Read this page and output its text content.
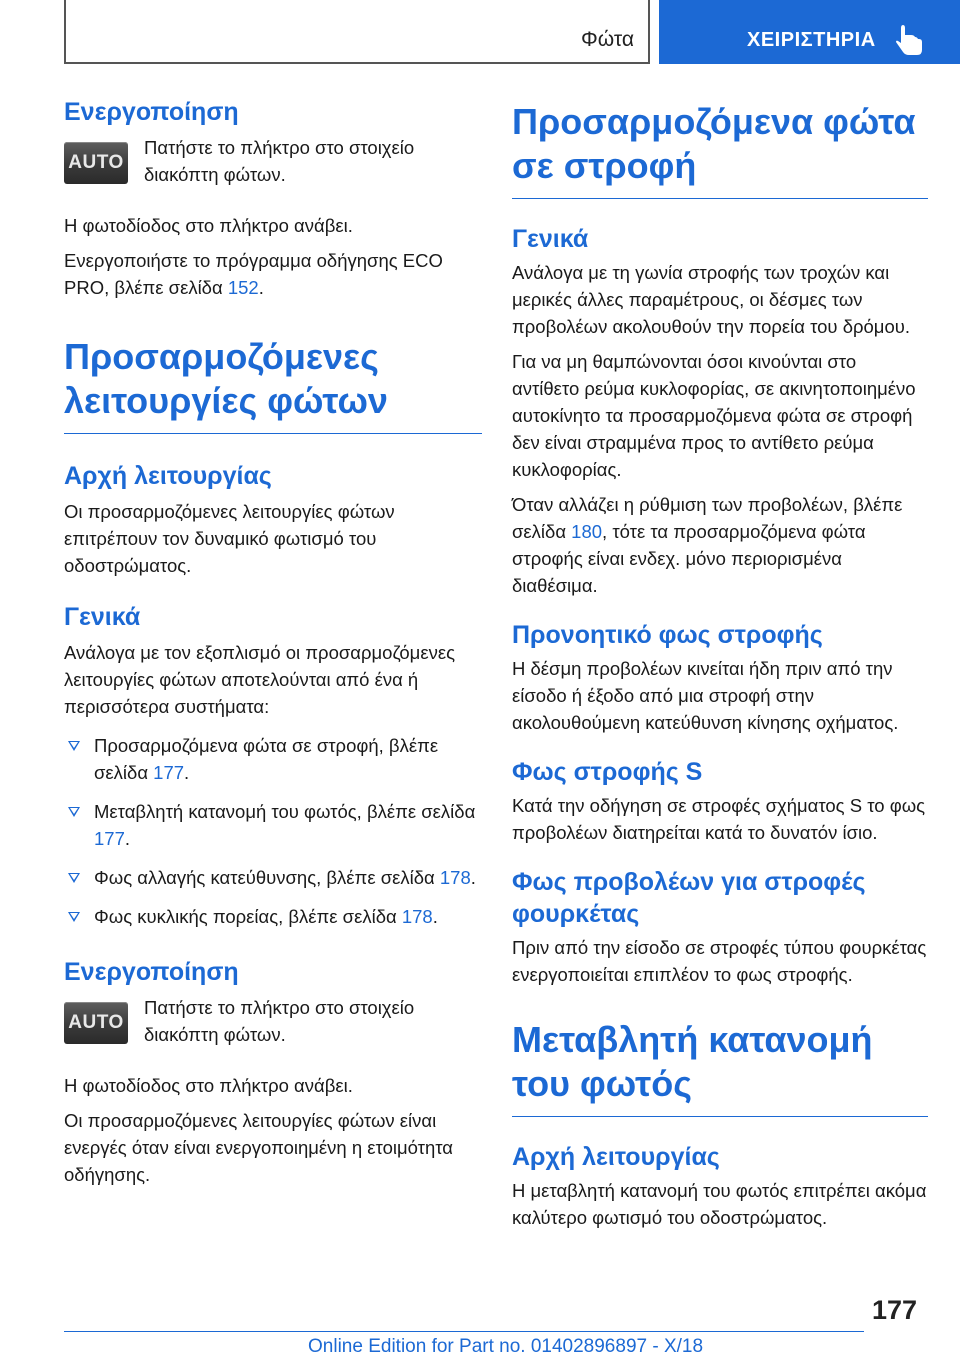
Φώτα	ΧΕΙΡΙΣΤΗΡΙΑ
Ενεργοποίηση
AUTO

Πατήστε το πλήκτρο στο στοιχείο διακόπτη φώτων.

Η φωτοδίοδος στο πλήκτρο ανάβει.

Ενεργοποιήστε το πρόγραμμα οδήγησης ECO PRO, βλέπε σελίδα 152.

Προσαρμοζόμενες λειτουργίες φώτων
Αρχή λειτουργίας

Οι προσαρμοζόμενες λειτουργίες φώτων επιτρέπουν τον δυναμικό φωτισμό του οδοστρώματος.

Γενικά

Ανάλογα με τον εξοπλισμό οι προσαρμοζόμενες λειτουργίες φώτων αποτελούνται από ένα ή περισσότερα συστήματα:

Προσαρμοζόμενα φώτα σε στροφή, βλέπε σελίδα 177.
Μεταβλητή κατανομή του φωτός, βλέπε σελίδα 177.
Φως αλλαγής κατεύθυνσης, βλέπε σελίδα 178.
Φως κυκλικής πορείας, βλέπε σελίδα 178.
Ενεργοποίηση
AUTO

Πατήστε το πλήκτρο στο στοιχείο διακόπτη φώτων.

Η φωτοδίοδος στο πλήκτρο ανάβει.

Οι προσαρμοζόμενες λειτουργίες φώτων είναι ενεργές όταν είναι ενεργοποιημένη η ετοιμότητα οδήγησης.

Προσαρμοζόμενα φώτα σε στροφή
Γενικά

Ανάλογα με τη γωνία στροφής των τροχών και μερικές άλλες παραμέτρους, οι δέσμες των προβολέων ακολουθούν την πορεία του δρόμου.

Για να μη θαμπώνονται όσοι κινούνται στο αντίθετο ρεύμα κυκλοφορίας, σε ακινητοποιημένο αυτοκίνητο τα προσαρμοζόμενα φώτα σε στροφή δεν είναι στραμμένα προς το αντίθετο ρεύμα κυκλοφορίας.

Όταν αλλάζει η ρύθμιση των προβολέων, βλέπε σελίδα 180, τότε τα προσαρμοζόμενα φώτα στροφής είναι ενδεχ. μόνο περιορισμένα διαθέσιμα.

Προνοητικό φως στροφής

Η δέσμη προβολέων κινείται ήδη πριν από την είσοδο ή έξοδο από μια στροφή στην ακολουθούμενη κατεύθυνση κίνησης οχήματος.

Φως στροφής S

Κατά την οδήγηση σε στροφές σχήματος S το φως προβολέων διατηρείται κατά το δυνατόν ίσιο.

Φως προβολέων για στροφές φουρκέτας

Πριν από την είσοδο σε στροφές τύπου φουρκέτας ενεργοποιείται επιπλέον το φως στροφής.

Μεταβλητή κατανομή του φωτός
Αρχή λειτουργίας

Η μεταβλητή κατανομή του φωτός επιτρέπει ακόμα καλύτερο φωτισμό του οδοστρώματος.

177
Online Edition for Part no. 01402896897 - X/18
